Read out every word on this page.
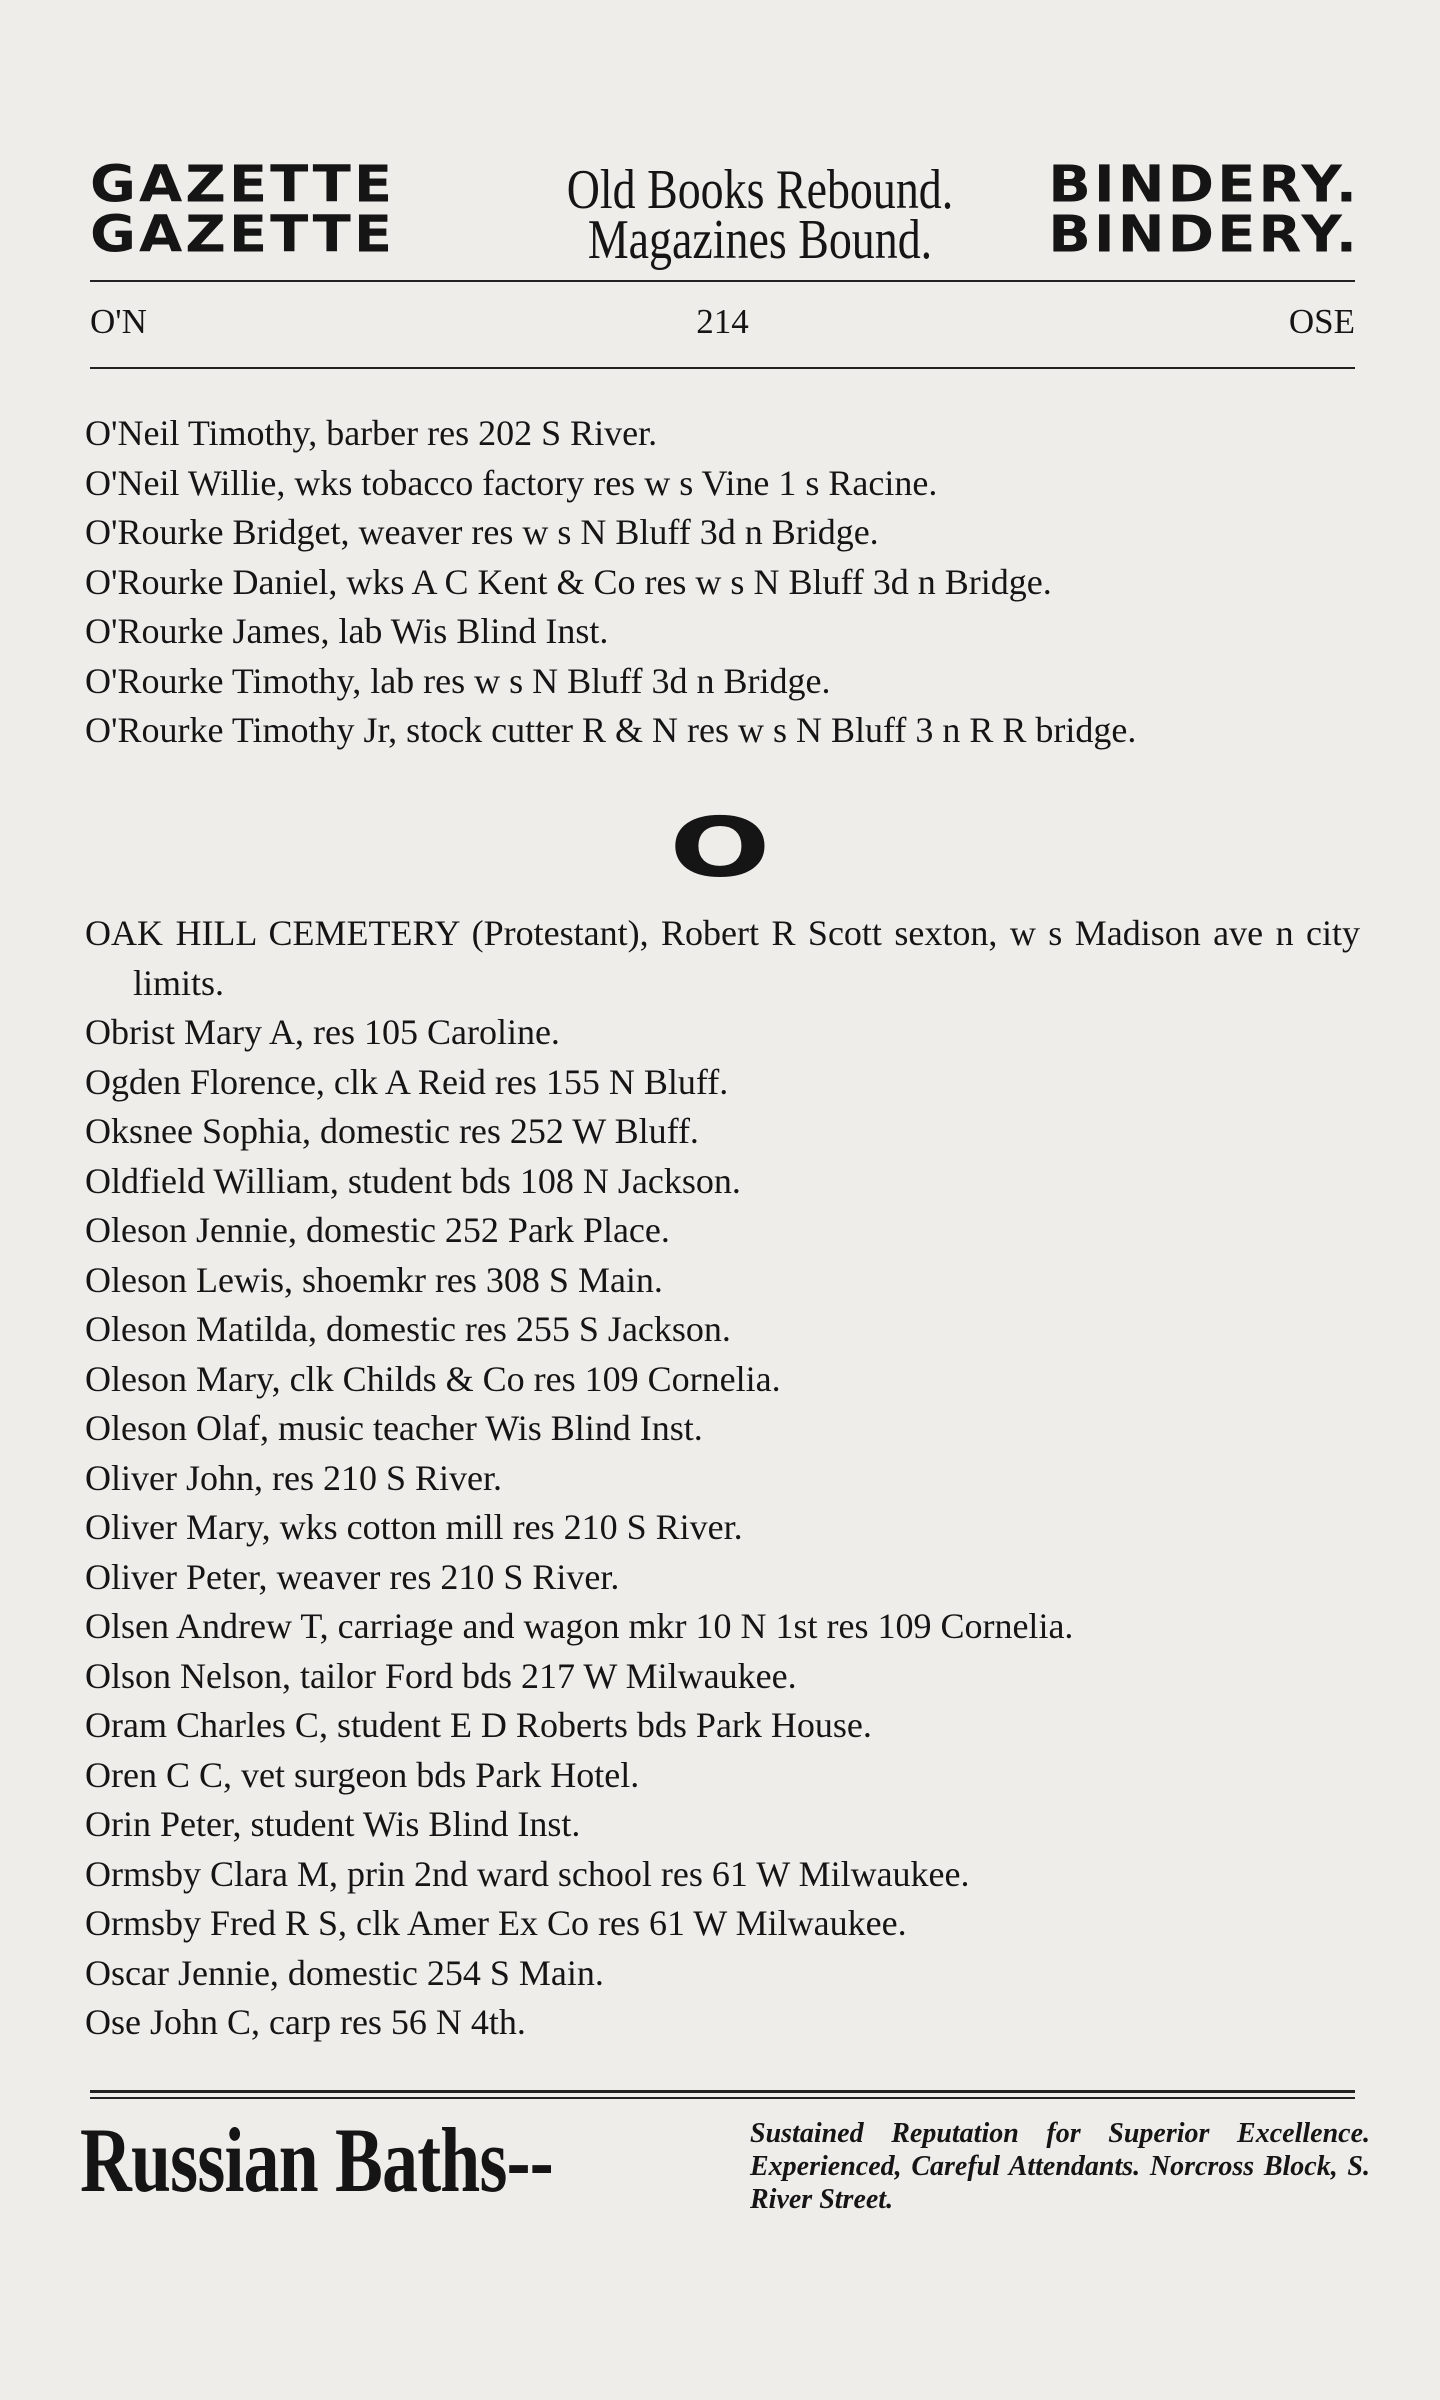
GAZETTE	Old Books Rebound.	BINDERY.
GAZETTE	Magazines Bound.	BINDERY.
O'N	214	OSE
O'Neil Timothy, barber res 202 S River.
O'Neil Willie, wks tobacco factory res w s Vine 1 s Racine.
O'Rourke Bridget, weaver res w s N Bluff 3d n Bridge.
O'Rourke Daniel, wks A C Kent & Co res w s N Bluff 3d n Bridge.
O'Rourke James, lab Wis Blind Inst.
O'Rourke Timothy, lab res w s N Bluff 3d n Bridge.
O'Rourke Timothy Jr, stock cutter R & N res w s N Bluff 3 n R R bridge.
O
OAK HILL CEMETERY (Protestant), Robert R Scott sexton, w s Madison ave n city limits.
Obrist Mary A, res 105 Caroline.
Ogden Florence, clk A Reid res 155 N Bluff.
Oksnee Sophia, domestic res 252 W Bluff.
Oldfield William, student bds 108 N Jackson.
Oleson Jennie, domestic 252 Park Place.
Oleson Lewis, shoemkr res 308 S Main.
Oleson Matilda, domestic res 255 S Jackson.
Oleson Mary, clk Childs & Co res 109 Cornelia.
Oleson Olaf, music teacher Wis Blind Inst.
Oliver John, res 210 S River.
Oliver Mary, wks cotton mill res 210 S River.
Oliver Peter, weaver res 210 S River.
Olsen Andrew T, carriage and wagon mkr 10 N 1st res 109 Cornelia.
Olson Nelson, tailor Ford bds 217 W Milwaukee.
Oram Charles C, student E D Roberts bds Park House.
Oren C C, vet surgeon bds Park Hotel.
Orin Peter, student Wis Blind Inst.
Ormsby Clara M, prin 2nd ward school res 61 W Milwaukee.
Ormsby Fred R S, clk Amer Ex Co res 61 W Milwaukee.
Oscar Jennie, domestic 254 S Main.
Ose John C, carp res 56 N 4th.
Russian Baths--	Sustained Reputation for Superior Excellence. Experienced, Careful Attendants. Norcross Block, S. River Street.
